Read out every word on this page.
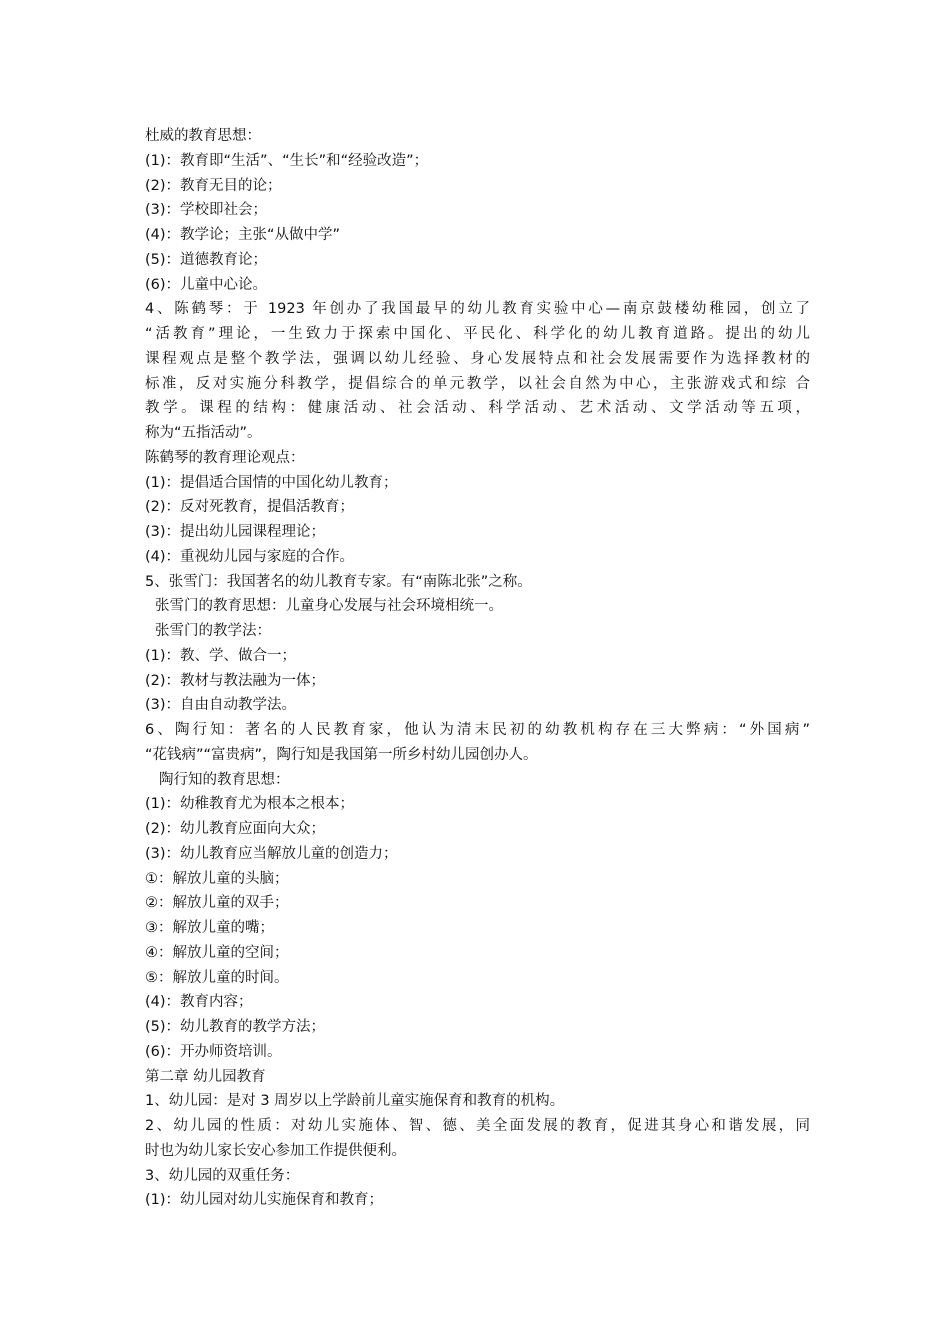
杜威的教育思想：
(1)：教育即“生活”、“生长”和“经验改造”；
(2)：教育无目的论；
(3)：学校即社会；
(4)：教学论；主张“从做中学”
(5)：道德教育论；
(6)：儿童中心论。
4、陈鹤琴：于 1923 年创办了我国最早的幼儿教育实验中心—南京鼓楼幼稚园，创立了
“活教育”理论，一生致力于探索中国化、平民化、科学化的幼儿教育道路。提出的幼儿
课程观点是整个教学法，强调以幼儿经验、身心发展特点和社会发展需要作为选择教材的
标准，反对实施分科教学，提倡综合的单元教学，以社会自然为中心，主张游戏式和综 合
教学。课程的结构：健康活动、社会活动、科学活动、艺术活动、文学活动等五项，
称为“五指活动”。
陈鹤琴的教育理论观点：
(1)：提倡适合国情的中国化幼儿教育；
(2)：反对死教育，提倡活教育；
(3)：提出幼儿园课程理论；
(4)：重视幼儿园与家庭的合作。
5、张雪门：我国著名的幼儿教育专家。有“南陈北张”之称。
张雪门的教育思想：儿童身心发展与社会环境相统一。
张雪门的教学法：
(1)：教、学、做合一；
(2)：教材与教法融为一体；
(3)：自由自动教学法。
6、陶行知：著名的人民教育家，他认为清末民初的幼教机构存在三大弊病：“外国病”
“花钱病”“富贵病”，陶行知是我国第一所乡村幼儿园创办人。
陶行知的教育思想：
(1)：幼稚教育尤为根本之根本；
(2)：幼儿教育应面向大众；
(3)：幼儿教育应当解放儿童的创造力；
①：解放儿童的头脑；
②：解放儿童的双手；
③：解放儿童的嘴；
④：解放儿童的空间；
⑤：解放儿童的时间。
(4)：教育内容；
(5)：幼儿教育的教学方法；
(6)：开办师资培训。
第二章 幼儿园教育
1、幼儿园：是对 3 周岁以上学龄前儿童实施保育和教育的机构。
2、幼儿园的性质：对幼儿实施体、智、德、美全面发展的教育，促进其身心和谐发展，同
时也为幼儿家长安心参加工作提供便利。
3、幼儿园的双重任务：
(1)：幼儿园对幼儿实施保育和教育；
